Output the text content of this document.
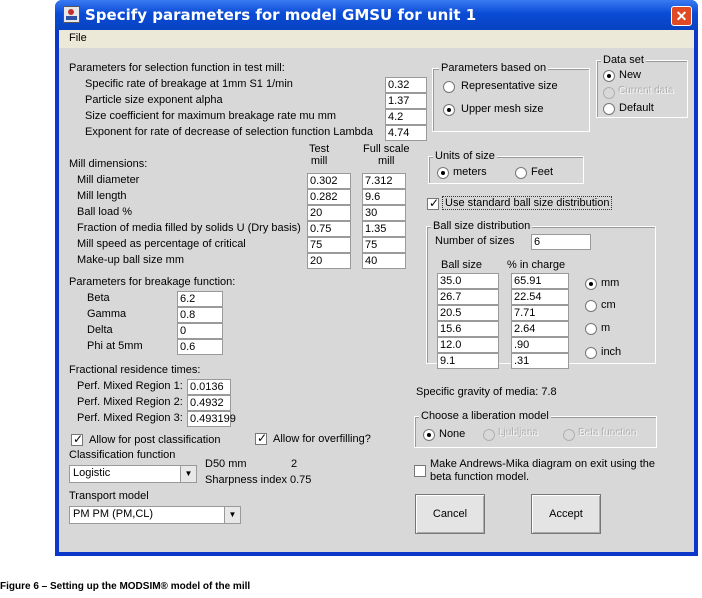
Specify parameters for model GMSU for unit 1	✕
File
Parameters for selection function in test mill:
Specific rate of breakage at 1mm S1 1/min	0.32
Particle size exponent alpha	1.37
Size coefficient for maximum breakage rate mu mm	4.2
Exponent for rate of decrease of selection function Lambda 4.74
Test
mill
Full scale
mill
Mill dimensions:
Mill diameter	0.302	7.312
Mill length	0.282	9.6
Ball load %	20	30
Fraction of media filled by solids U (Dry basis) 0.75	1.35
Mill speed as percentage of critical	75	75
Make-up ball size mm	20	40
Parameters for breakage function:
Beta	6.2
Gamma	0.8
Delta	0
Phi at 5mm	0.6
Fractional residence times:
Perf. Mixed Region 1: 0.0136
Perf. Mixed Region 2: 0.4932
Perf. Mixed Region 3: 0.493199
✓
Allow for post classification
✓	Allow for overfilling?
Classification function
Logistic	▼
D50 mm	2
Sharpness index 0.75
Transport model
PM PM (PM,CL)	▼
Parameters based on
Representative size
Upper mesh size
Data set
New
Current data
Default
Units of size
meters	Feet
✓
Use standard ball size distribution
Ball size distribution
Number of sizes 6
Ball size % in charge
35.0	65.91
26.7	22.54
20.5	7.71
15.6	2.64
12.0	.90
9.1	.31
mm
cm
m
inch
Specific gravity of media: 7.8
Choose a liberation model
None	Ljubljana	Beta function
Make Andrews-Mika diagram on exit using the
beta function model.
Cancel	Accept
Figure 6 – Setting up the MODSIM® model of the mill
